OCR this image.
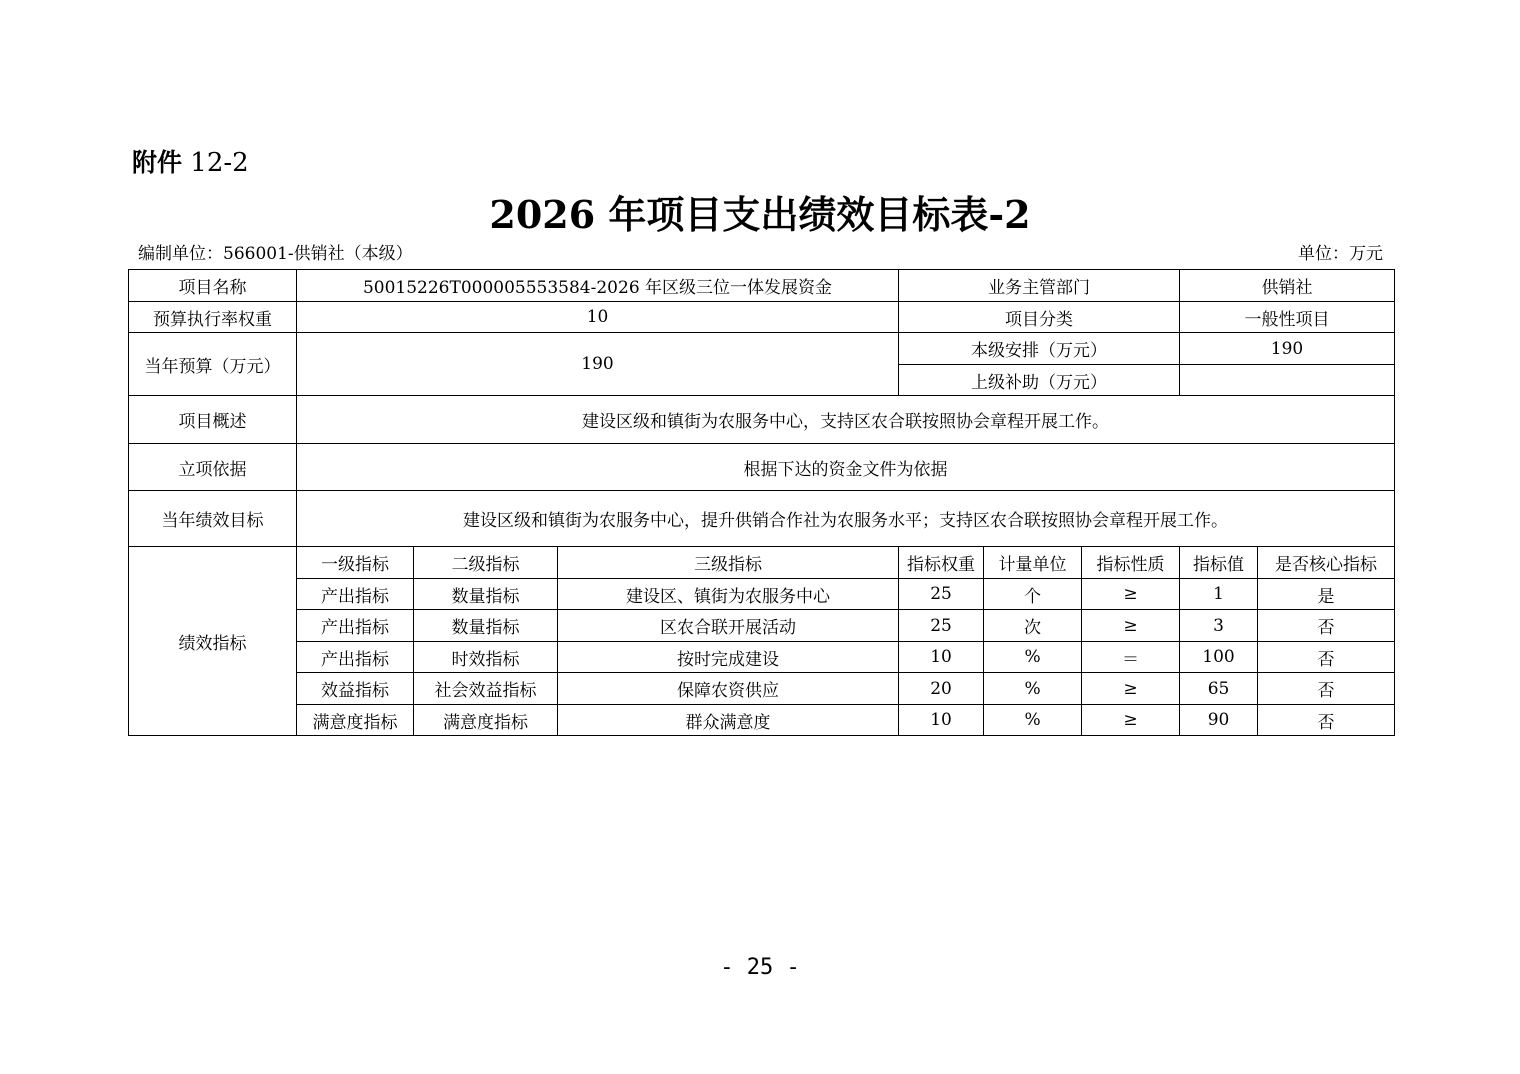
附件 12-2
2026 年项目支出绩效目标表-2
编制单位：566001-供销社（本级）	单位：万元
项目名称	50015226T000005553584-2026 年区级三位一体发展资金			业务主管部门			供销社	
预算执行率权重	10			项目分类			一般性项目	
当年预算（万元）	190			本级安排（万元）			190	
				上级补助（万元）				
项目概述	建设区级和镇街为农服务中心，支持区农合联按照协会章程开展工作。							
立项依据	根据下达的资金文件为依据							
当年绩效目标	建设区级和镇街为农服务中心，提升供销合作社为农服务水平；支持区农合联按照协会章程开展工作。							
绩效指标	一级指标	二级指标	三级指标	指标权重	计量单位	指标性质	指标值	是否核心指标
	产出指标	数量指标	建设区、镇街为农服务中心	25	个	≥	1	是
	产出指标	数量指标	区农合联开展活动	25	次	≥	3	否
	产出指标	时效指标	按时完成建设	10	%	＝	100	否
	效益指标	社会效益指标	保障农资供应	20	%	≥	65	否
	满意度指标	满意度指标	群众满意度	10	%	≥	90	否
- 25 -
